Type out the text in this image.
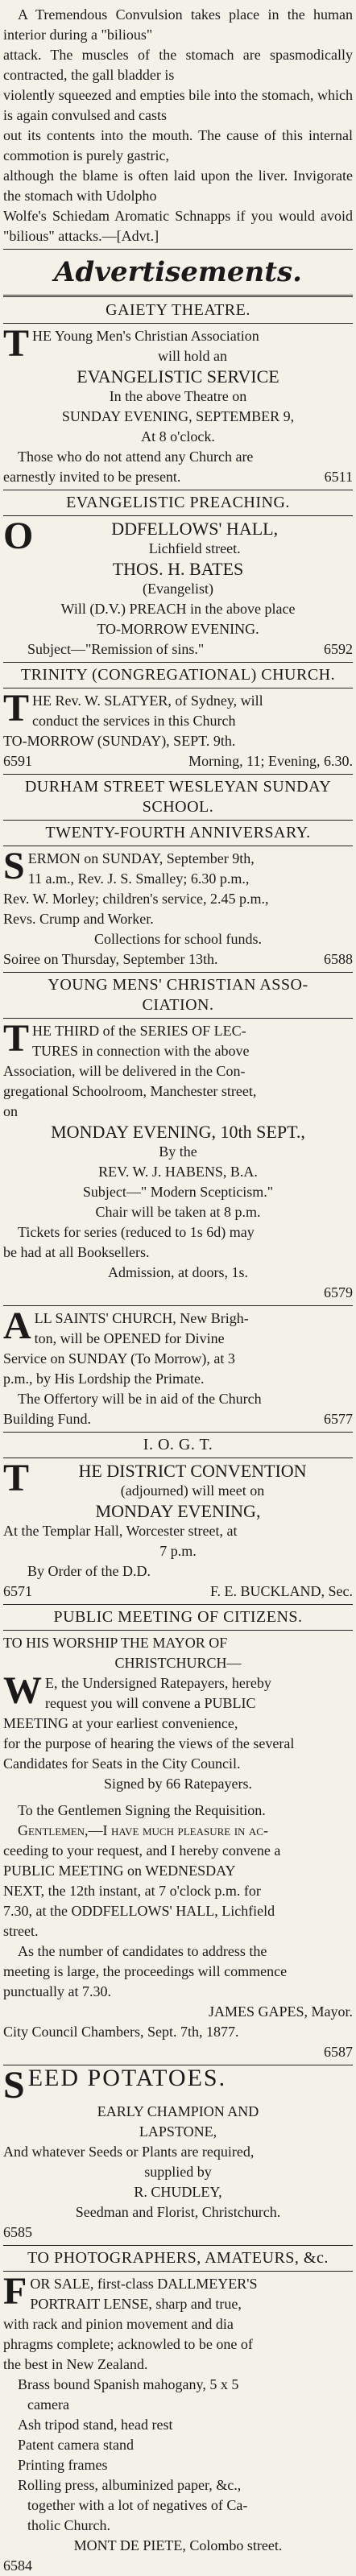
A Tremendous Convulsion takes place in the human interior during a "bilious"

attack. The muscles of the stomach are spasmodically contracted, the gall bladder is

violently squeezed and empties bile into the stomach, which is again convulsed and casts

out its contents into the mouth. The cause of this internal commotion is purely gastric,

although the blame is often laid upon the liver. Invigorate the stomach with Udolpho

Wolfe's Schiedam Aromatic Schnapps if you would avoid "bilious" attacks.—[Advt.]

Advertisements.

GAIETY THEATRE.

T HE Young Men's Christian Association

will hold an

EVANGELISTIC SERVICE

In the above Theatre on

SUNDAY EVENING, SEPTEMBER 9,

At 8 o'clock.

Those who do not attend any Church are

earnestly invited to be present.	6511

EVANGELISTIC PREACHING.

O	DDFELLOWS' HALL,

Lichfield street.

THOS. H. BATES

(Evangelist)

Will (D.V.) PREACH in the above place

TO-MORROW EVENING.

Subject—"Remission of sins."	6592

TRINITY (CONGREGATIONAL) CHURCH.

T HE Rev. W. SLATYER, of Sydney, will

conduct the services in this Church

TO-MORROW (SUNDAY), SEPT. 9th.

6591	Morning, 11; Evening, 6.30.

DURHAM STREET WESLEYAN SUNDAY

SCHOOL.

TWENTY-FOURTH ANNIVERSARY.

S ERMON on SUNDAY, September 9th,

11 a.m., Rev. J. S. Smalley; 6.30 p.m.,

Rev. W. Morley; children's service, 2.45 p.m.,

Revs. Crump and Worker.

Collections for school funds.

Soiree on Thursday, September 13th.	6588

YOUNG MENS' CHRISTIAN ASSO-

CIATION.

T HE THIRD of the SERIES OF LEC-

TURES in connection with the above

Association, will be delivered in the Con-

gregational Schoolroom, Manchester street,

on

MONDAY EVENING, 10th SEPT.,

By the

REV. W. J. HABENS, B.A.

Subject—" Modern Scepticism."

Chair will be taken at 8 p.m.

Tickets for series (reduced to 1s 6d) may

be had at all Booksellers.

Admission, at doors, 1s.

6579

A LL SAINTS' CHURCH, New Brigh-

ton, will be OPENED for Divine

Service on SUNDAY (To Morrow), at 3

p.m., by His Lordship the Primate.

The Offertory will be in aid of the Church

Building Fund.	6577

I. O. G. T.

T	HE DISTRICT CONVENTION

(adjourned) will meet on

MONDAY EVENING,

At the Templar Hall, Worcester street, at

7 p.m.

By Order of the D.D.

6571	F. E. BUCKLAND, Sec.

PUBLIC MEETING OF CITIZENS.

TO HIS WORSHIP THE MAYOR OF

CHRISTCHURCH—

W E, the Undersigned Ratepayers, hereby

request you will convene a PUBLIC

MEETING at your earliest convenience,

for the purpose of hearing the views of the several

Candidates for Seats in the City Council.

Signed by 66 Ratepayers.

To the Gentlemen Signing the Requisition.

Gentlemen,—I have much pleasure in ac-

ceeding to your request, and I hereby convene a

PUBLIC MEETING on WEDNESDAY

NEXT, the 12th instant, at 7 o'clock p.m. for

7.30, at the ODDFELLOWS' HALL, Lichfield

street.

As the number of candidates to address the

meeting is large, the proceedings will commence

punctually at 7.30.

JAMES GAPES, Mayor.

City Council Chambers, Sept. 7th, 1877.

6587

SEED POTATOES.

EARLY CHAMPION AND

LAPSTONE,

And whatever Seeds or Plants are required,

supplied by

R. CHUDLEY,

Seedman and Florist, Christchurch.

6585

TO PHOTOGRAPHERS, AMATEURS, &c.

F OR SALE, first-class DALLMEYER'S

PORTRAIT LENSE, sharp and true,

with rack and pinion movement and dia

phragms complete; acknowled to be one of

the best in New Zealand.

Brass bound Spanish mahogany, 5 x 5

camera

Ash tripod stand, head rest

Patent camera stand

Printing frames

Rolling press, albuminized paper, &c.,

together with a lot of negatives of Ca-

tholic Church.

MONT DE PIETE, Colombo street.

6584
